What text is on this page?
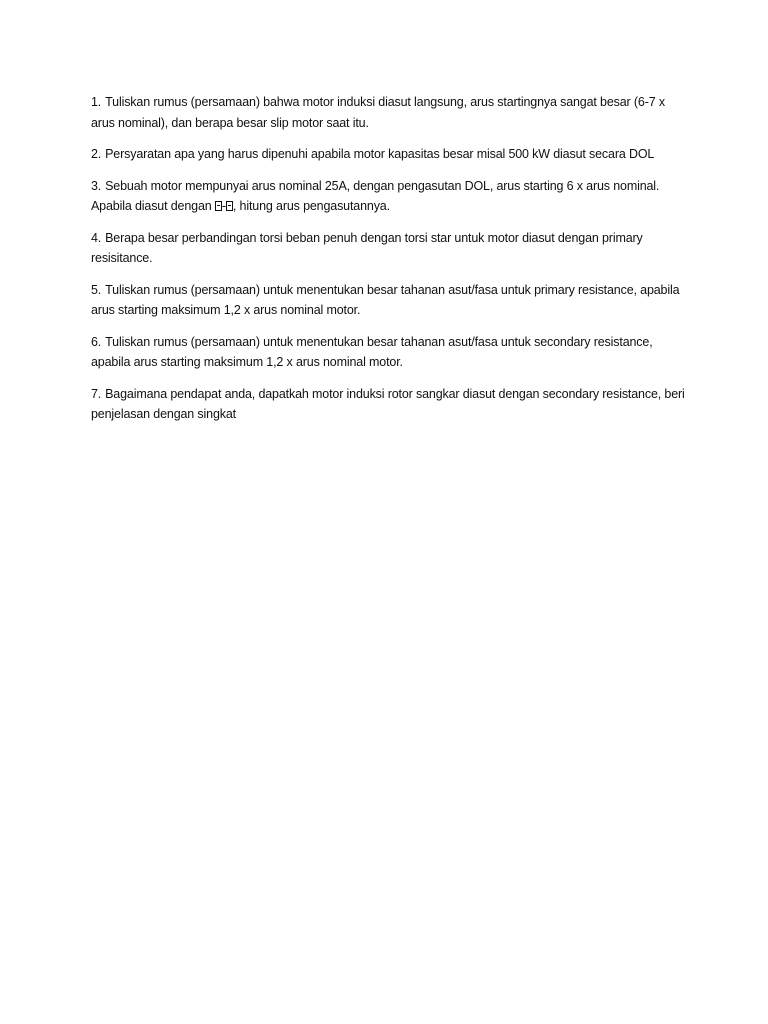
1. Tuliskan rumus (persamaan) bahwa motor induksi diasut langsung, arus startingnya sangat besar (6-7 x arus nominal), dan berapa besar slip motor saat itu.

2. Persyaratan apa yang harus dipenuhi apabila motor kapasitas besar misal 500 kW diasut secara DOL

3. Sebuah motor mempunyai arus nominal 25A, dengan pengasutan DOL, arus starting 6 x arus nominal. Apabila diasut dengan - , hitung arus pengasutannya.

4. Berapa besar perbandingan torsi beban penuh dengan torsi star untuk motor diasut dengan primary resisitance.

5. Tuliskan rumus (persamaan) untuk menentukan besar tahanan asut/fasa untuk primary resistance, apabila arus starting maksimum 1,2 x arus nominal motor.

6. Tuliskan rumus (persamaan) untuk menentukan besar tahanan asut/fasa untuk secondary resistance, apabila arus starting maksimum 1,2 x arus nominal motor.

7. Bagaimana pendapat anda, dapatkah motor induksi rotor sangkar diasut dengan secondary resistance, beri penjelasan dengan singkat
